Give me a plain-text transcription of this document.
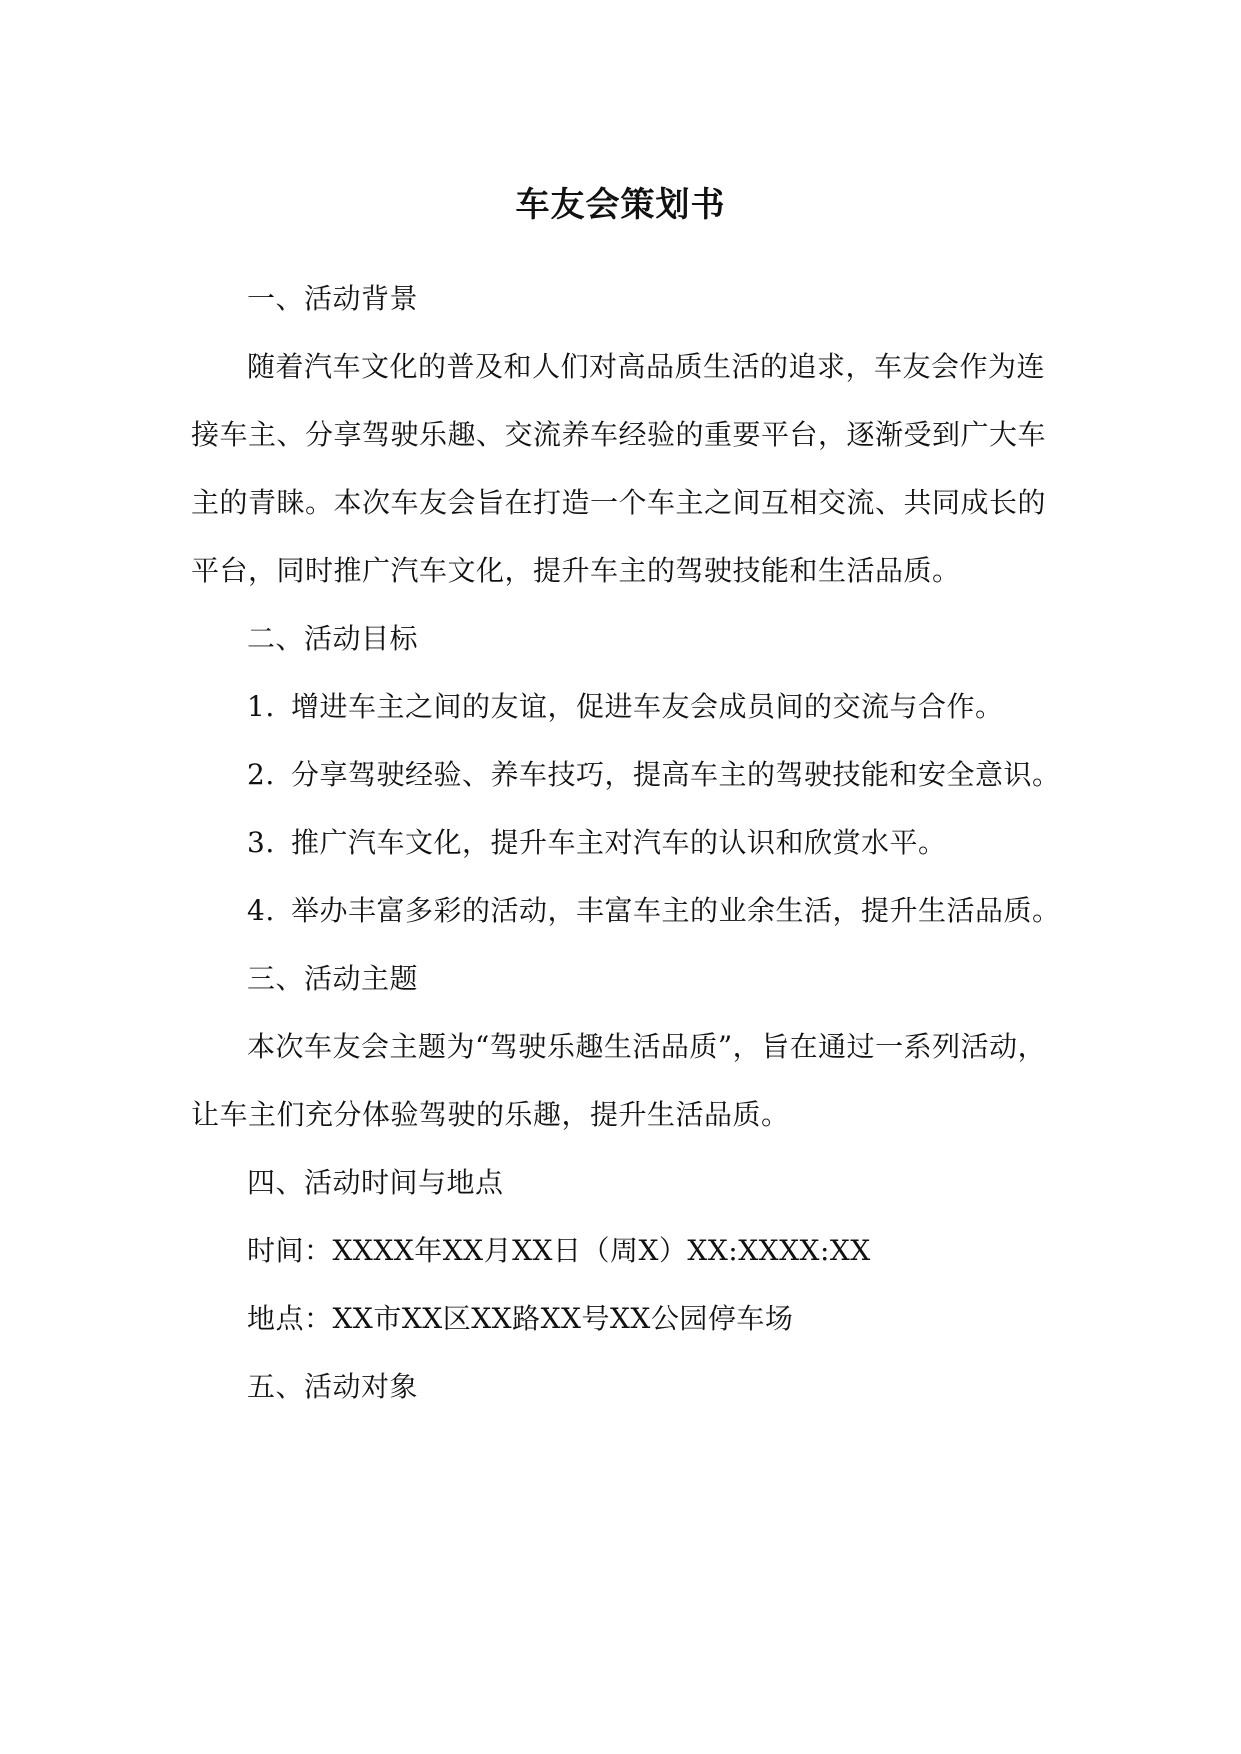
车友会策划书
一、活动背景
随着汽车文化的普及和人们对高品质生活的追求，车友会作为连
接车主、分享驾驶乐趣、交流养车经验的重要平台，逐渐受到广大车
主的青睐。本次车友会旨在打造一个车主之间互相交流、共同成长的
平台，同时推广汽车文化，提升车主的驾驶技能和生活品质。
二、活动目标
1. 增进车主之间的友谊，促进车友会成员间的交流与合作。
2. 分享驾驶经验、养车技巧，提高车主的驾驶技能和安全意识。
3. 推广汽车文化，提升车主对汽车的认识和欣赏水平。
4. 举办丰富多彩的活动，丰富车主的业余生活，提升生活品质。
三、活动主题
本次车友会主题为“驾驶乐趣生活品质”，旨在通过一系列活动，
让车主们充分体验驾驶的乐趣，提升生活品质。
四、活动时间与地点
时间：XXXX年XX月XX日（周X）XX:XXXX:XX
地点：XX市XX区XX路XX号XX公园停车场
五、活动对象
